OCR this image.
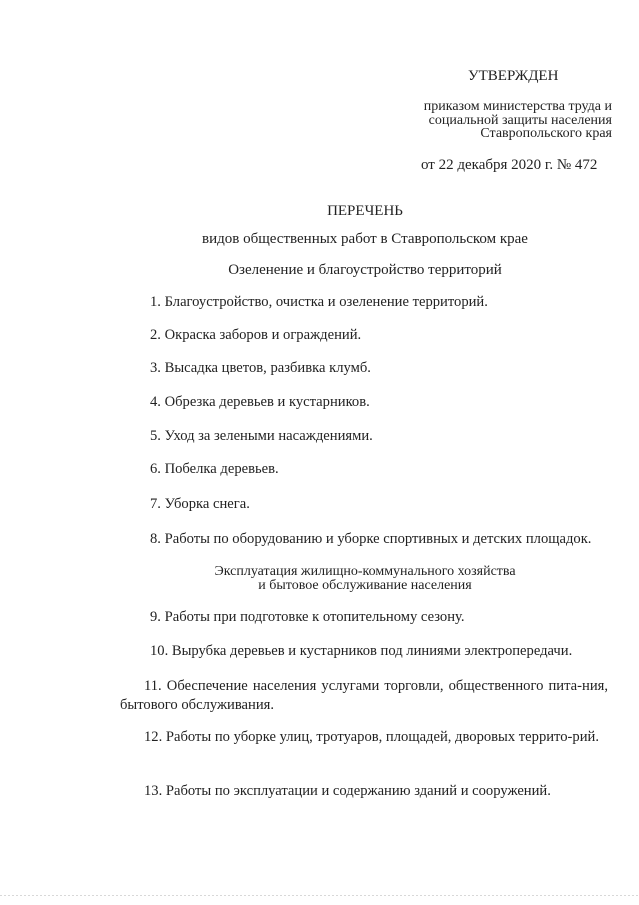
УТВЕРЖДЕН
приказом министерства труда и
социальной защиты населения
Ставропольского края
от 22 декабря 2020 г. № 472
ПЕРЕЧЕНЬ
видов общественных работ в Ставропольском крае
Озеленение и благоустройство территорий
1. Благоустройство, очистка и озеленение территорий.
2. Окраска заборов и ограждений.
3. Высадка цветов, разбивка клумб.
4. Обрезка деревьев и кустарников.
5. Уход за зелеными насаждениями.
6. Побелка деревьев.
7. Уборка снега.
8. Работы по оборудованию и уборке спортивных и детских площадок.
Эксплуатация жилищно-коммунального хозяйства
и бытовое обслуживание населения
9. Работы при подготовке к отопительному сезону.
10. Вырубка деревьев и кустарников под линиями электропередачи.
11. Обеспечение населения услугами торговли, общественного пита-ния, бытового обслуживания.
12. Работы по уборке улиц, тротуаров, площадей, дворовых террито-рий.
13. Работы по эксплуатации и содержанию зданий и сооружений.
